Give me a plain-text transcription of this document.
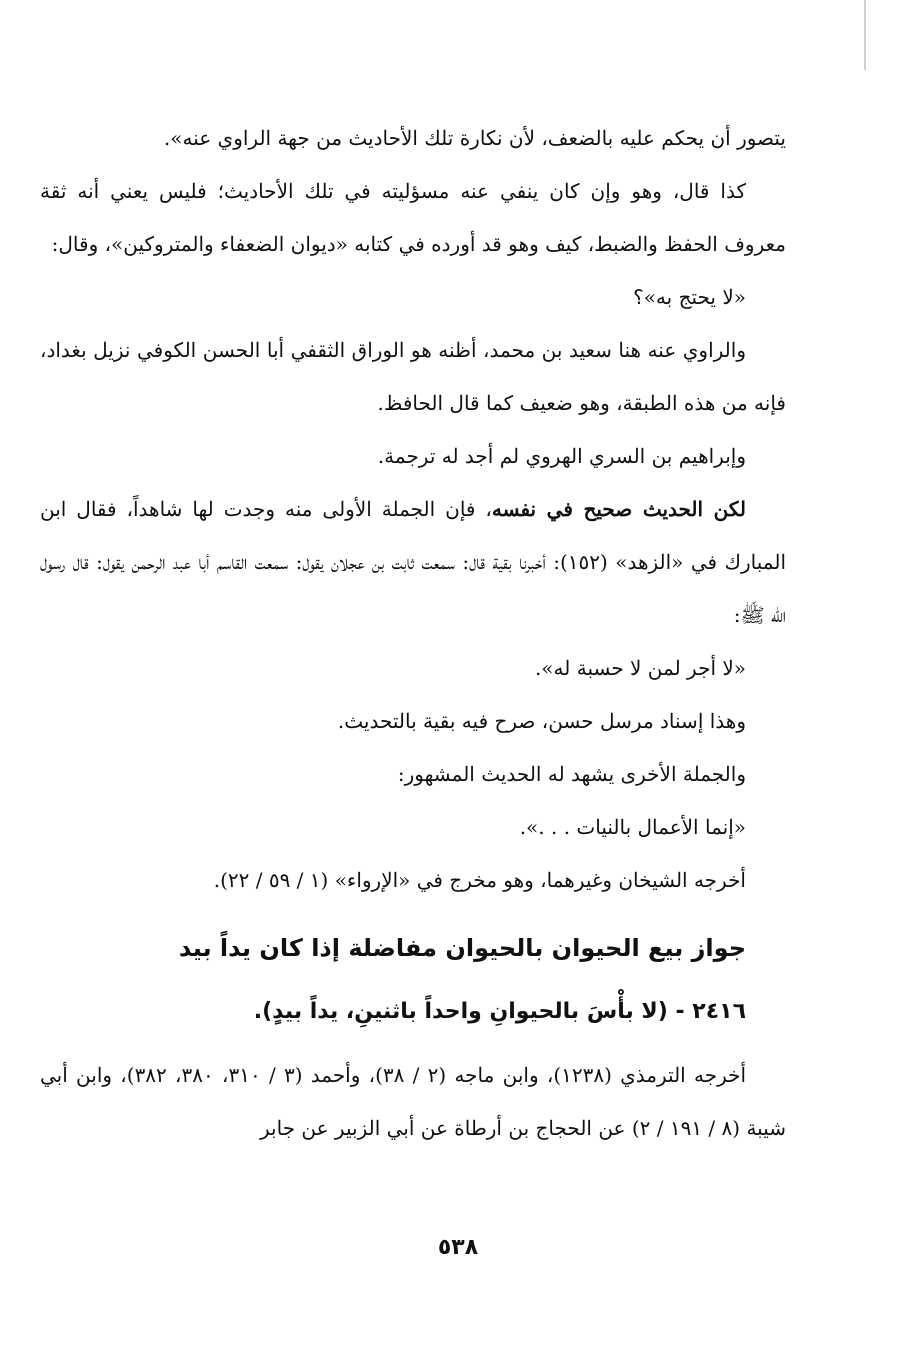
يتصور أن يحكم عليه بالضعف، لأن نكارة تلك الأحاديث من جهة الراوي عنه».

كذا قال، وهو وإن كان ينفي عنه مسؤليته في تلك الأحاديث؛ فليس يعني أنه ثقة معروف الحفظ والضبط، كيف وهو قد أورده في كتابه «ديوان الضعفاء والمتروكين»، وقال:

«لا يحتج به»؟

والراوي عنه هنا سعيد بن محمد، أظنه هو الوراق الثقفي أبا الحسن الكوفي نزيل بغداد، فإنه من هذه الطبقة، وهو ضعيف كما قال الحافظ.

وإبراهيم بن السري الهروي لم أجد له ترجمة.

لكن الحديث صحيح في نفسه، فإن الجملة الأولى منه وجدت لها شاهداً، فقال ابن المبارك في «الزهد» (١٥٢): أخبرنا بقية قال: سمعت ثابت بن عجلان يقول: سمعت القاسم أبا عبد الرحمن يقول: قال رسول الله ﷺ:

«لا أجر لمن لا حسبة له».

وهذا إسناد مرسل حسن، صرح فيه بقية بالتحديث.

والجملة الأخرى يشهد له الحديث المشهور:

«إنما الأعمال بالنيات . . .».

أخرجه الشيخان وغيرهما، وهو مخرج في «الإرواء» (١ / ٥٩ / ٢٢).

جواز بيع الحيوان بالحيوان مفاضلة إذا كان يداً بيد
٢٤١٦ - (لا بأْسَ بالحيوانِ واحداً باثنينِ، يداً بيدٍ).

أخرجه الترمذي (١٢٣٨)، وابن ماجه (٢ / ٣٨)، وأحمد (٣ / ٣١٠، ٣٨٠، ٣٨٢)، وابن أبي شيبة (٨ / ١٩١ / ٢) عن الحجاج بن أرطاة عن أبي الزبير عن جابر

٥٣٨
